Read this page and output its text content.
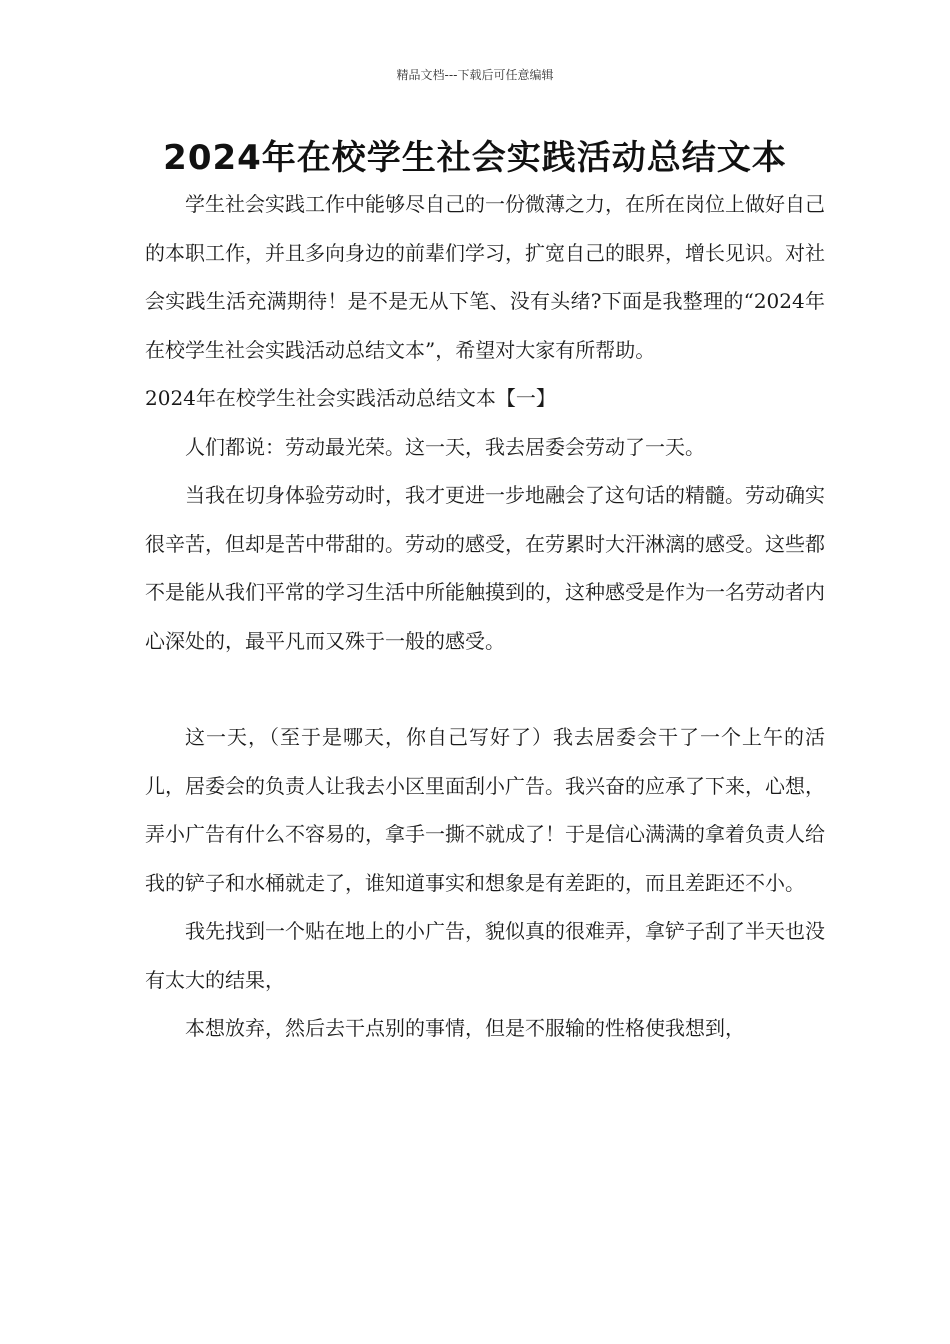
精品文档---下载后可任意编辑
2024年在校学生社会实践活动总结文本

学生社会实践工作中能够尽自己的一份微薄之力，在所在岗位上做好自己的本职工作，并且多向身边的前辈们学习，扩宽自己的眼界，增长见识。对社会实践生活充满期待！是不是无从下笔、没有头绪?下面是我整理的“2024年在校学生社会实践活动总结文本”，希望对大家有所帮助。

2024年在校学生社会实践活动总结文本【一】

人们都说：劳动最光荣。这一天，我去居委会劳动了一天。

当我在切身体验劳动时，我才更进一步地融会了这句话的精髓。劳动确实很辛苦，但却是苦中带甜的。劳动的感受，在劳累时大汗淋漓的感受。这些都不是能从我们平常的学习生活中所能触摸到的，这种感受是作为一名劳动者内心深处的，最平凡而又殊于一般的感受。

这一天，（至于是哪天，你自己写好了）我去居委会干了一个上午的活儿，居委会的负责人让我去小区里面刮小广告。我兴奋的应承了下来，心想，弄小广告有什么不容易的，拿手一撕不就成了！于是信心满满的拿着负责人给我的铲子和水桶就走了，谁知道事实和想象是有差距的，而且差距还不小。

我先找到一个贴在地上的小广告，貌似真的很难弄，拿铲子刮了半天也没有太大的结果，

本想放弃，然后去干点别的事情，但是不服输的性格使我想到，
